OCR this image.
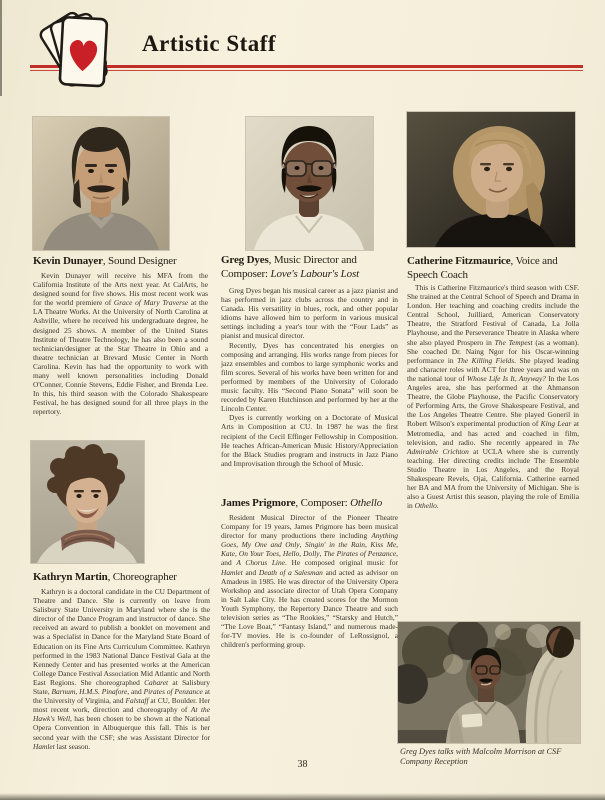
Artistic Staff
Kevin Dunayer, Sound Designer

Kevin Dunayer will receive his MFA from the California Institute of the Arts next year. At CalArts, he designed sound for five shows. His most recent work was for the world premiere of Grace of Mary Traverse at the LA Theatre Works. At the University of North Carolina at Ashville, where he received his undergraduate degree, he designed 25 shows. A member of the United States Institute of Theatre Technology, he has also been a sound technician/designer at the Star Theatre in Ohio and a theatre technician at Brevard Music Center in North Carolina. Kevin has had the opportunity to work with many well known personalities including Donald O'Conner, Connie Stevens, Eddie Fisher, and Brenda Lee. In this, his third season with the Colorado Shakespeare Festival, he has designed sound for all three plays in the repertory.

Kathryn Martin, Choreographer

Kathryn is a doctoral candidate in the CU Department of Theatre and Dance. She is currently on leave from Salisbury State University in Maryland where she is the director of the Dance Program and instructor of dance. She received an award to publish a booklet on movement and was a Specialist in Dance for the Maryland State Board of Education on its Fine Arts Curriculum Committee. Kathryn performed in the 1983 National Dance Festival Gala at the Kennedy Center and has presented works at the American College Dance Festival Association Mid Atlantic and North East Regions. She choreographed Cabaret at Salisbury State, Barnum, H.M.S. Pinafore, and Pirates of Penzance at the University of Virginia, and Falstaff at CU, Boulder. Her most recent work, direction and choreography of At the Hawk's Well, has been chosen to be shown at the National Opera Convention in Albuquerque this fall. This is her second year with the CSF; she was Assistant Director for Hamlet last season.

Greg Dyes, Music Director and Composer: Love's Labour's Lost

Greg Dyes began his musical career as a jazz pianist and has performed in jazz clubs across the country and in Canada. His versatility in blues, rock, and other popular idioms have allowed him to perform in various musical settings including a year's tour with the “Four Lads” as pianist and musical director.

Recently, Dyes has concentrated his energies on composing and arranging. His works range from pieces for jazz ensembles and combos to large symphonic works and film scores. Several of his works have been written for and performed by members of the University of Colorado music faculty. His “Second Piano Sonata” will soon be recorded by Karen Hutchinson and performed by her at the Lincoln Center.

Dyes is currently working on a Doctorate of Musical Arts in Composition at CU. In 1987 he was the first recipient of the Cecil Effinger Fellowship in Composition. He teaches African-American Music History/Appreciation for the Black Studies program and instructs in Jazz Piano and Improvisation through the School of Music.

James Prigmore, Composer: Othello

Resident Musical Director of the Pioneer Theatre Company for 19 years, James Prigmore has been musical director for many productions there including Anything Goes, My One and Only, Singin' in the Rain, Kiss Me, Kate, On Your Toes, Hello, Dolly, The Pirates of Penzance, and A Chorus Line. He composed original music for Hamlet and Death of a Salesman and acted as advisor on Amadeus in 1985. He was director of the University Opera Workshop and associate director of Utah Opera Company in Salt Lake City. He has created scores for the Mormon Youth Symphony, the Repertory Dance Theatre and such television series as “The Rookies,” “Starsky and Hutch,” “The Love Boat,” “Fantasy Island,” and numerous made-for-TV movies. He is co-founder of LeRossignol, a children's performing group.

Catherine Fitzmaurice, Voice and Speech Coach

This is Catherine Fitzmaurice's third season with CSF. She trained at the Central School of Speech and Drama in London. Her teaching and coaching credits include the Central School, Juilliard, American Conservatory Theatre, the Stratford Festival of Canada, La Jolla Playhouse, and the Perseverance Theatre in Alaska where she also played Prospero in The Tempest (as a woman). She coached Dr. Naing Ngor for his Oscar-winning performance in The Killing Fields. She played leading and character roles with ACT for three years and was on the national tour of Whose Life Is It, Anyway? In the Los Angeles area, she has performed at the Ahmanson Theatre, the Globe Playhouse, the Pacific Conservatory of Performing Arts, the Grove Shakespeare Festival, and the Los Angeles Theatre Centre. She played Goneril in Robert Wilson's experimental production of King Lear at Metromedia, and has acted and coached in film, television, and radio. She recently appeared in The Admirable Crichton at UCLA where she is currently teaching. Her directing credits include The Ensemble Studio Theatre in Los Angeles, and the Royal Shakespeare Revels, Ojai, California. Catherine earned her BA and MA from the University of Michigan. She is also a Guest Artist this season, playing the role of Emilia in Othello.

Greg Dyes talks with Malcolm Morrison at CSF Company Reception
38
